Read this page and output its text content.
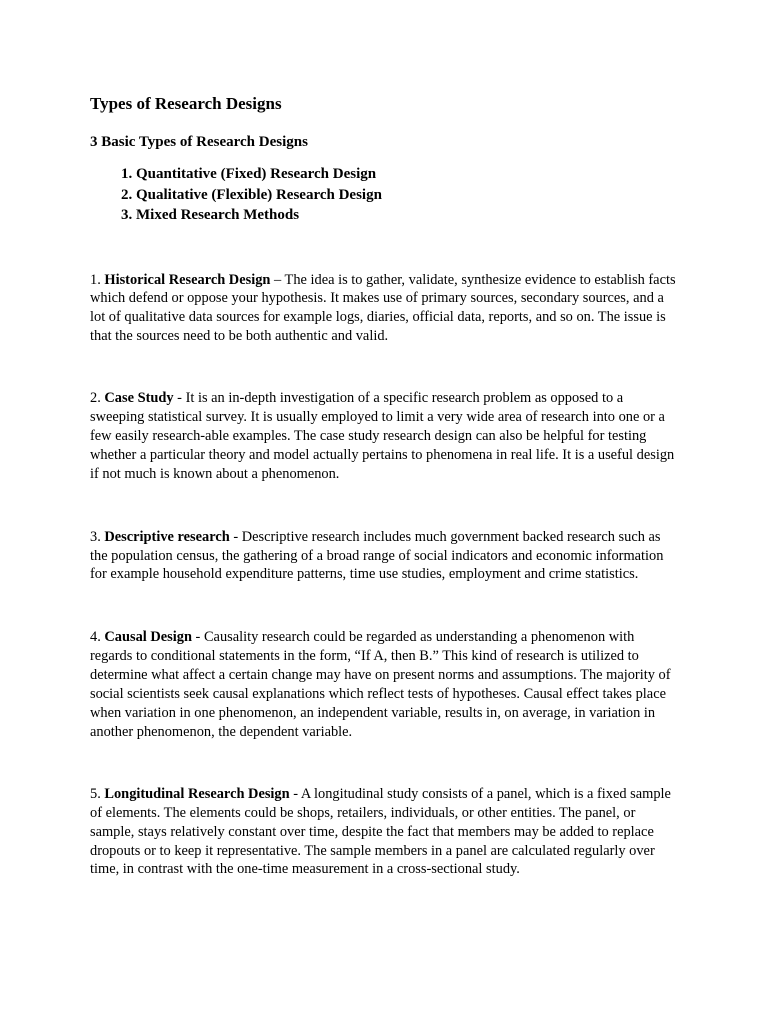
Types of Research Designs
3 Basic Types of Research Designs
1. Quantitative (Fixed) Research Design
2. Qualitative (Flexible) Research Design
3. Mixed Research Methods

1. Historical Research Design – The idea is to gather, validate, synthesize evidence to establish facts which defend or oppose your hypothesis. It makes use of primary sources, secondary sources, and a lot of qualitative data sources for example logs, diaries, official data, reports, and so on. The issue is that the sources need to be both authentic and valid.

2. Case Study - It is an in-depth investigation of a specific research problem as opposed to a sweeping statistical survey. It is usually employed to limit a very wide area of research into one or a few easily research-able examples. The case study research design can also be helpful for testing whether a particular theory and model actually pertains to phenomena in real life. It is a useful design if not much is known about a phenomenon.

3. Descriptive research - Descriptive research includes much government backed research such as the population census, the gathering of a broad range of social indicators and economic information for example household expenditure patterns, time use studies, employment and crime statistics.

4. Causal Design - Causality research could be regarded as understanding a phenomenon with regards to conditional statements in the form, “If A, then B.” This kind of research is utilized to determine what affect a certain change may have on present norms and assumptions. The majority of social scientists seek causal explanations which reflect tests of hypotheses. Causal effect takes place when variation in one phenomenon, an independent variable, results in, on average, in variation in another phenomenon, the dependent variable.

5. Longitudinal Research Design - A longitudinal study consists of a panel, which is a fixed sample of elements. The elements could be shops, retailers, individuals, or other entities. The panel, or sample, stays relatively constant over time, despite the fact that members may be added to replace dropouts or to keep it representative. The sample members in a panel are calculated regularly over time, in contrast with the one-time measurement in a cross-sectional study.
